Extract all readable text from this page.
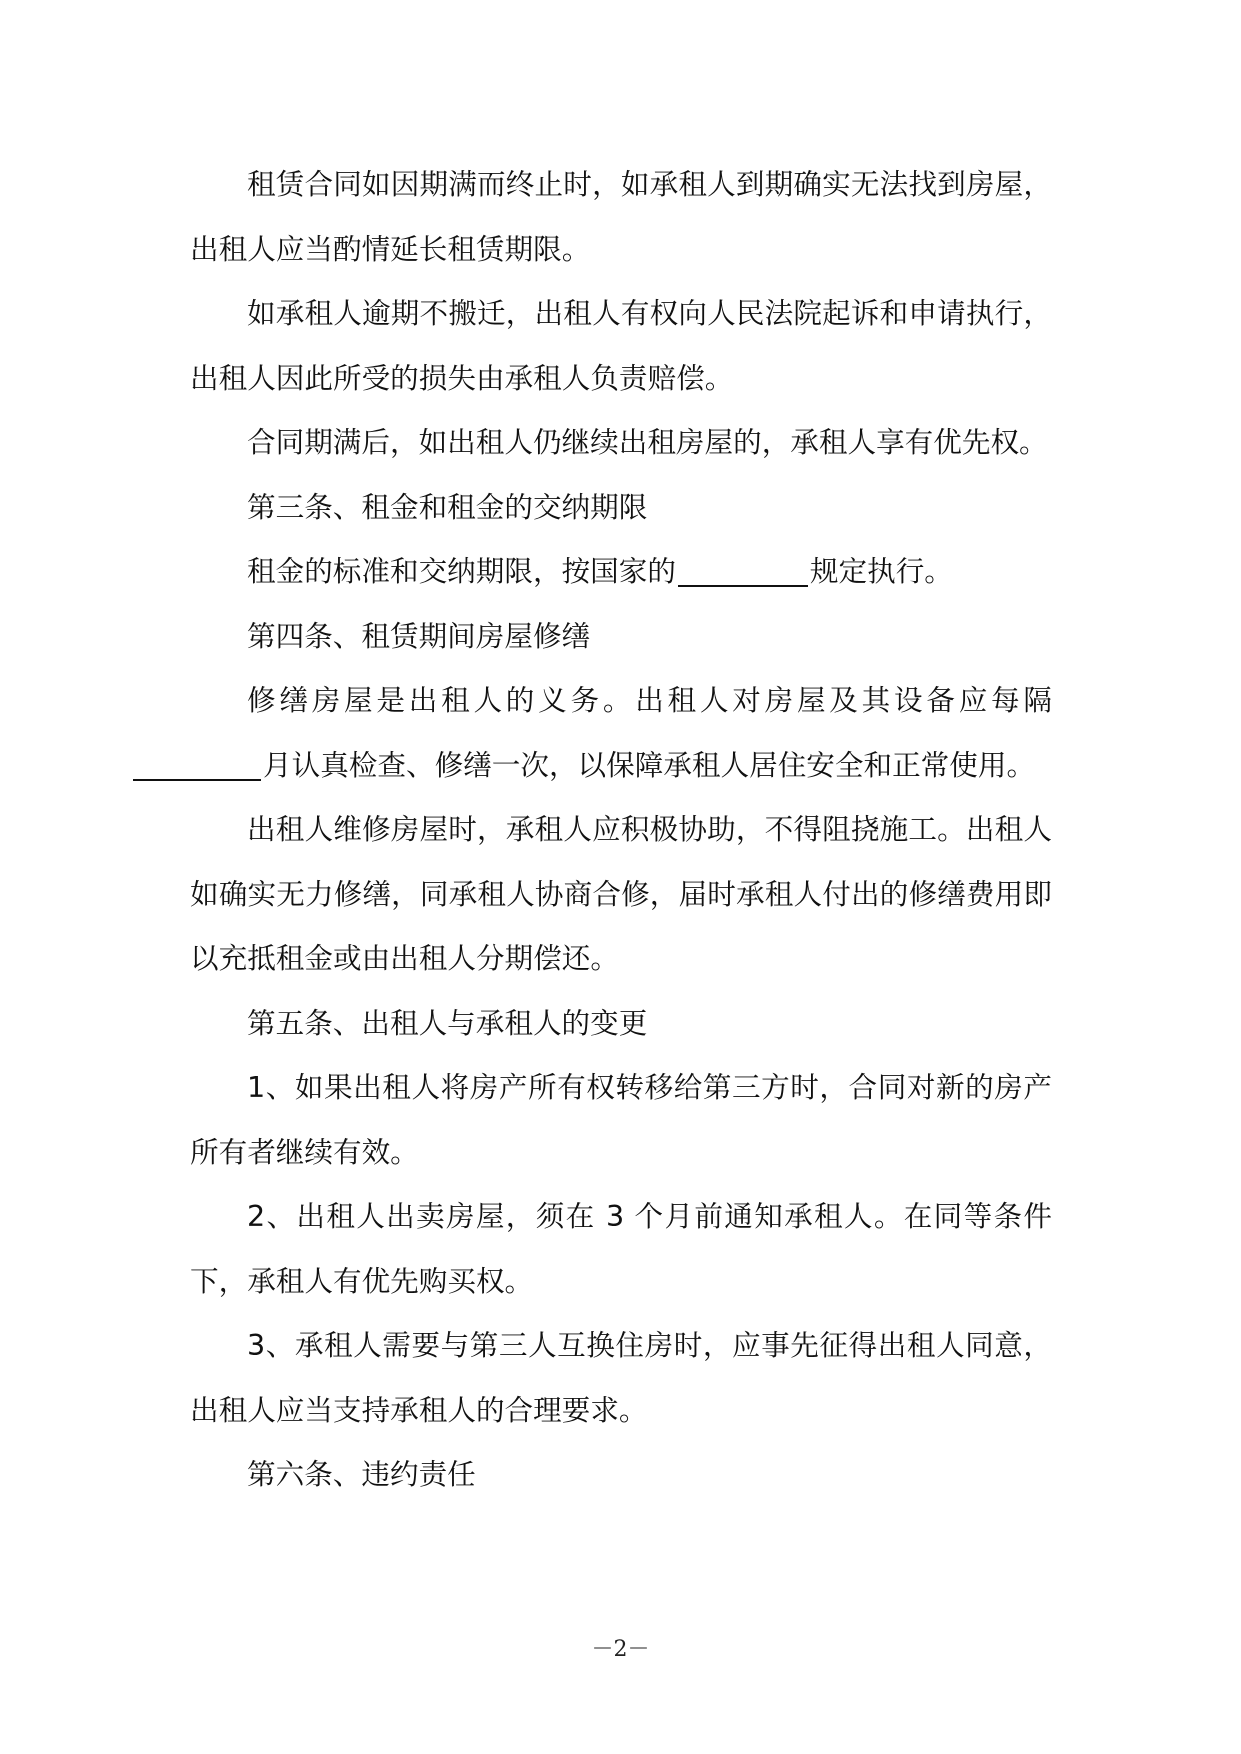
租赁合同如因期满而终止时，如承租人到期确实无法找到房屋，出租人应当酌情延长租赁期限。

如承租人逾期不搬迁，出租人有权向人民法院起诉和申请执行，出租人因此所受的损失由承租人负责赔偿。

合同期满后，如出租人仍继续出租房屋的，承租人享有优先权。

第三条、租金和租金的交纳期限

租金的标准和交纳期限，按国家的	规定执行。

第四条、租赁期间房屋修缮

修缮房屋是出租人的义务。出租人对房屋及其设备应每隔
月认真检查、修缮一次，以保障承租人居住安全和正常使用。

出租人维修房屋时，承租人应积极协助，不得阻挠施工。出租人如确实无力修缮，同承租人协商合修，届时承租人付出的修缮费用即以充抵租金或由出租人分期偿还。

第五条、出租人与承租人的变更

1、如果出租人将房产所有权转移给第三方时，合同对新的房产所有者继续有效。

2、出租人出卖房屋，须在 3 个月前通知承租人。在同等条件下，承租人有优先购买权。

3、承租人需要与第三人互换住房时，应事先征得出租人同意，出租人应当支持承租人的合理要求。

第六条、违约责任

－2－
